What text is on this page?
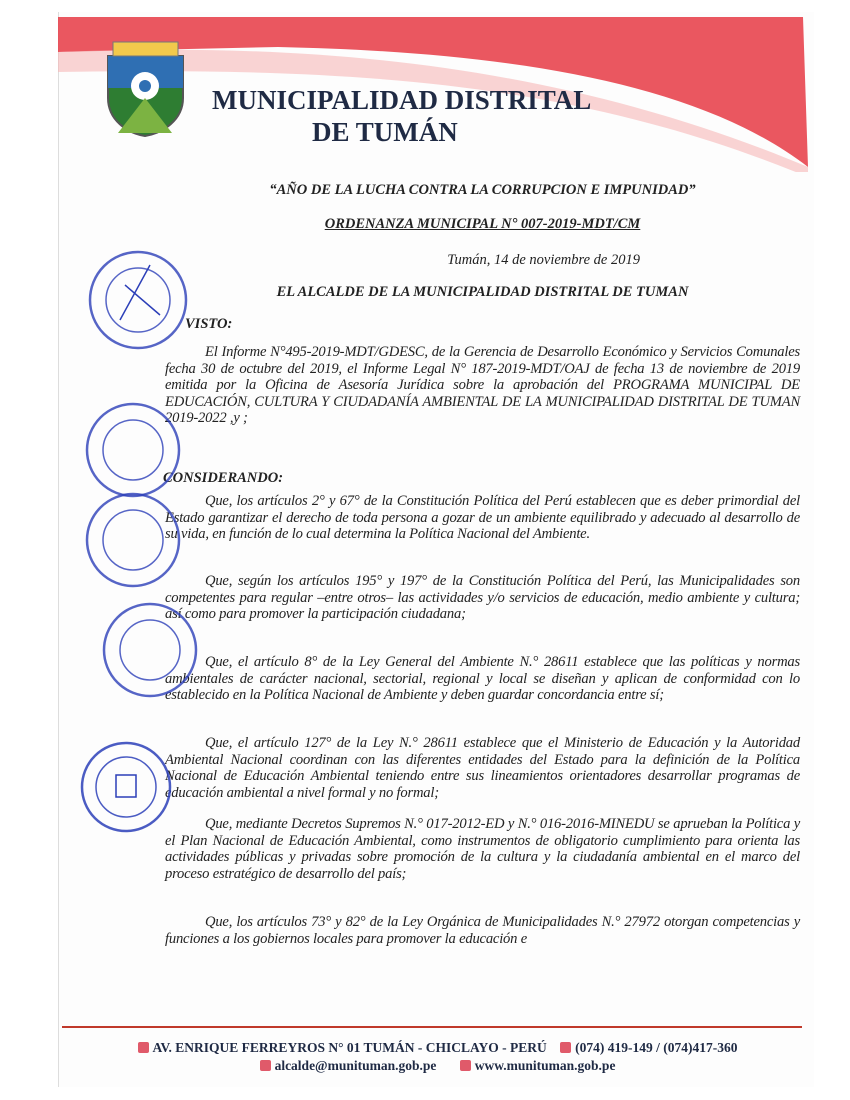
MUNICIPALIDAD DISTRITAL
DE TUMÁN
“AÑO DE LA LUCHA CONTRA LA CORRUPCION E IMPUNIDAD”
ORDENANZA MUNICIPAL N° 007-2019-MDT/CM
Tumán, 14 de noviembre de 2019
EL ALCALDE DE LA MUNICIPALIDAD DISTRITAL DE TUMAN
VISTO:
El Informe N°495-2019-MDT/GDESC, de la Gerencia de Desarrollo Económico y Servicios Comunales fecha 30 de octubre del 2019, el Informe Legal N° 187-2019-MDT/OAJ de fecha 13 de noviembre de 2019 emitida por la Oficina de Asesoría Jurídica sobre la aprobación del PROGRAMA MUNICIPAL DE EDUCACIÓN, CULTURA Y CIUDADANÍA AMBIENTAL DE LA MUNICIPALIDAD DISTRITAL DE TUMAN 2019-2022 ,y ;
CONSIDERANDO:
Que, los artículos 2° y 67° de la Constitución Política del Perú establecen que es deber primordial del Estado garantizar el derecho de toda persona a gozar de un ambiente equilibrado y adecuado al desarrollo de su vida, en función de lo cual determina la Política Nacional del Ambiente.
Que, según los artículos 195° y 197° de la Constitución Política del Perú, las Municipalidades son competentes para regular –entre otros– las actividades y/o servicios de educación, medio ambiente y cultura; así como para promover la participación ciudadana;
Que, el artículo 8° de la Ley General del Ambiente N.° 28611 establece que las políticas y normas ambientales de carácter nacional, sectorial, regional y local se diseñan y aplican de conformidad con lo establecido en la Política Nacional de Ambiente y deben guardar concordancia entre sí;
Que, el artículo 127° de la Ley N.° 28611 establece que el Ministerio de Educación y la Autoridad Ambiental Nacional coordinan con las diferentes entidades del Estado para la definición de la Política Nacional de Educación Ambiental teniendo entre sus lineamientos orientadores desarrollar programas de educación ambiental a nivel formal y no formal;
Que, mediante Decretos Supremos N.° 017-2012-ED y N.° 016-2016-MINEDU se aprueban la Política y el Plan Nacional de Educación Ambiental, como instrumentos de obligatorio cumplimiento para orienta las actividades públicas y privadas sobre promoción de la cultura y la ciudadanía ambiental en el marco del proceso estratégico de desarrollo del país;
Que, los artículos 73° y 82° de la Ley Orgánica de Municipalidades N.° 27972 otorgan competencias y funciones a los gobiernos locales para promover la educación e
AV. ENRIQUE FERREYROS N° 01 TUMÁN - CHICLAYO - PERÚ (074) 419-149 / (074)417-360
alcalde@munituman.gob.pe	www.munituman.gob.pe
